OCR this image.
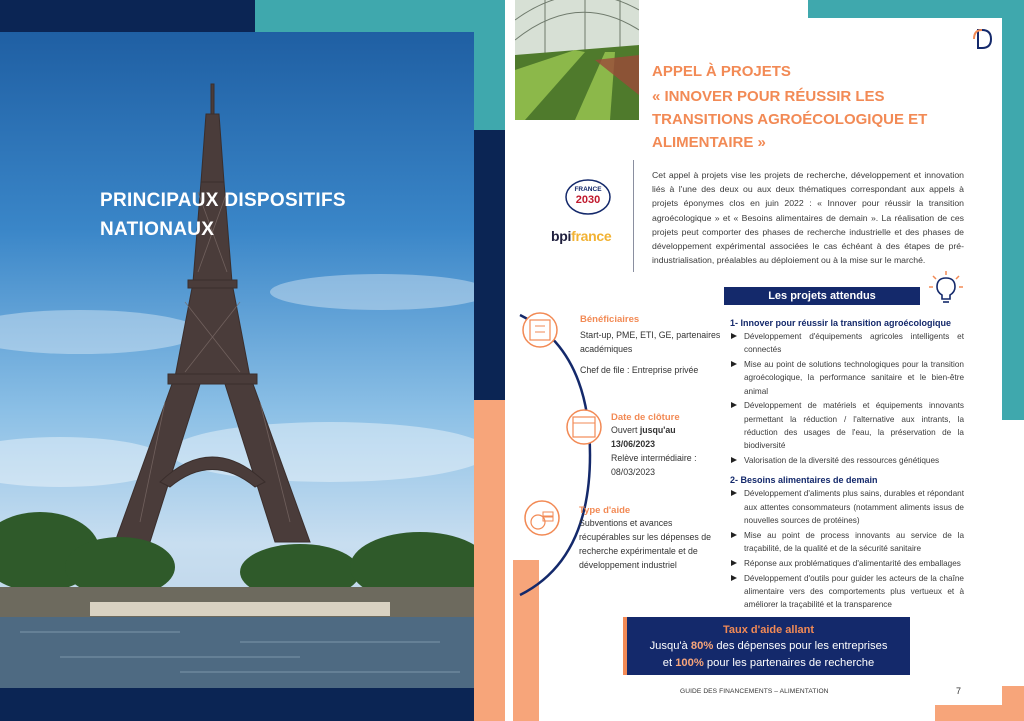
PRINCIPAUX DISPOSITIFS
NATIONAUX
APPEL À PROJETS
« INNOVER POUR RÉUSSIR LES TRANSITIONS AGROÉCOLOGIQUE ET ALIMENTAIRE »
Cet appel à projets vise les projets de recherche, développement et innovation liés à l'une des deux ou aux deux thématiques correspondant aux appels à projets éponymes clos en juin 2022 : « Innover pour réussir la transition agroécologique » et « Besoins alimentaires de demain ». La réalisation de ces projets peut comporter des phases de recherche industrielle et des phases de développement expérimental associées le cas échéant à des étapes de pré-industrialisation, préalables au déploiement ou à la mise sur le marché.
FRANCE
2030
bpifrance
Bénéficiaires
Start-up, PME, ETI, GE, partenaires académiques
Chef de file : Entreprise privée
Date de clôture
Ouvert jusqu'au 13/06/2023
Relève intermédiaire : 08/03/2023
Type d'aide
Subventions et avances récupérables sur les dépenses de recherche expérimentale et de développement industriel
Les projets attendus
1- Innover pour réussir la transition agroécologique
Développement d'équipements agricoles intelligents et connectés
Mise au point de solutions technologiques pour la transition agroécologique, la performance sanitaire et le bien-être animal
Développement de matériels et équipements innovants permettant la réduction / l'alternative aux intrants, la réduction des usages de l'eau, la préservation de la biodiversité
Valorisation de la diversité des ressources génétiques
2- Besoins alimentaires de demain
Développement d'aliments plus sains, durables et répondant aux attentes consommateurs (notamment aliments issus de nouvelles sources de protéines)
Mise au point de process innovants au service de la traçabilité, de la qualité et de la sécurité sanitaire
Réponse aux problématiques d'alimentarité des emballages
Développement d'outils pour guider les acteurs de la chaîne alimentaire vers des comportements plus vertueux et à améliorer la traçabilité et la transparence
Taux d'aide allant
Jusqu'à 80% des dépenses pour les entreprises
et 100% pour les partenaires de recherche
GUIDE DES FINANCEMENTS – ALIMENTATION	7
